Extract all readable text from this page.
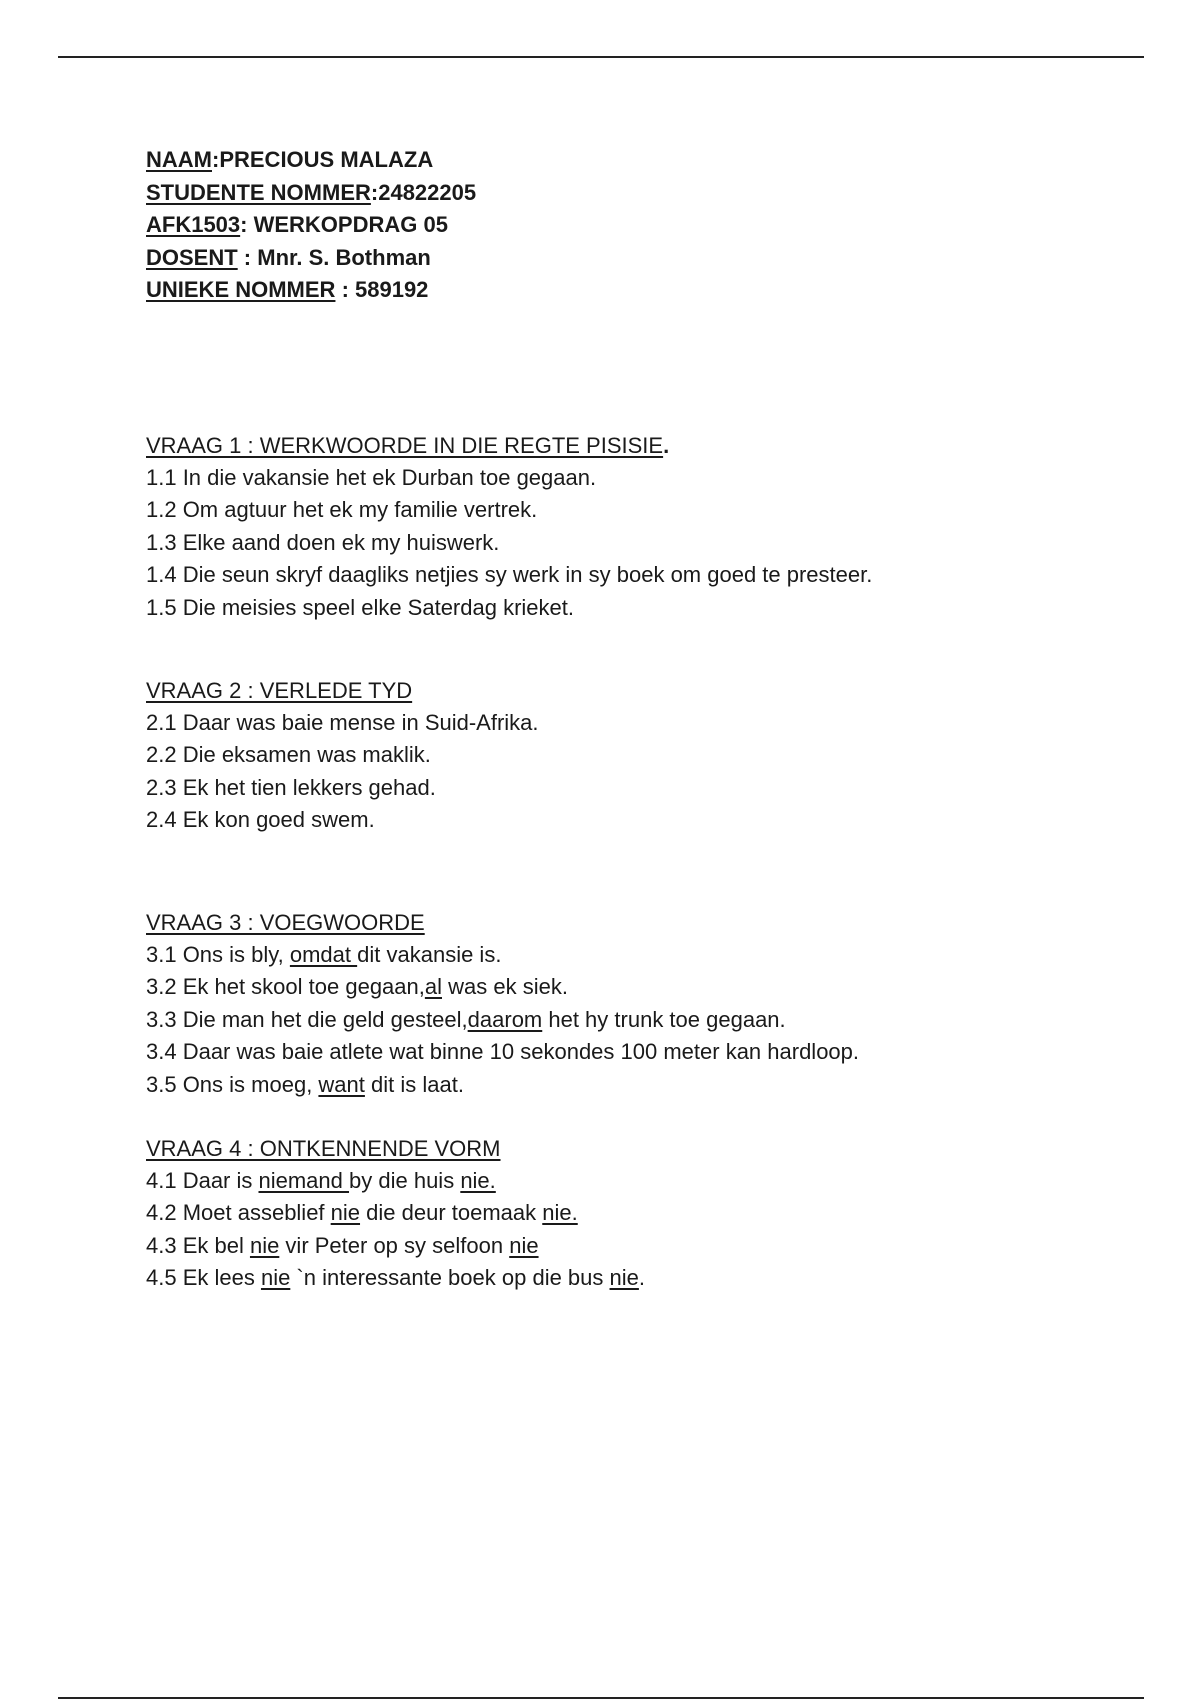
NAAM:PRECIOUS MALAZA
STUDENTE NOMMER:24822205
AFK1503: WERKOPDRAG 05
DOSENT : Mnr. S. Bothman
UNIEKE NOMMER : 589192
VRAAG 1 : WERKWOORDE IN DIE REGTE PISISIE.
1.1 In die vakansie het ek Durban toe gegaan.
1.2 Om agtuur het ek my familie vertrek.
1.3 Elke aand doen ek my huiswerk.
1.4 Die seun skryf daagliks netjies sy werk in sy boek om goed te presteer.
1.5 Die meisies speel elke Saterdag krieket.
VRAAG 2 : VERLEDE TYD
2.1 Daar was baie mense in Suid-Afrika.
2.2 Die eksamen was maklik.
2.3 Ek het tien lekkers gehad.
2.4 Ek kon goed swem.
VRAAG 3 : VOEGWOORDE
3.1 Ons is bly, omdat dit vakansie is.
3.2 Ek het skool toe gegaan,al was ek siek.
3.3 Die man het die geld gesteel,daarom het hy trunk toe gegaan.
3.4 Daar was baie atlete wat binne 10 sekondes 100 meter kan hardloop.
3.5 Ons is moeg, want dit is laat.
VRAAG 4 : ONTKENNENDE VORM
4.1 Daar is niemand by die huis nie.
4.2 Moet asseblief nie die deur toemaak nie.
4.3 Ek bel nie vir Peter op sy selfoon nie
4.5 Ek lees nie `n interessante boek op die bus nie.
